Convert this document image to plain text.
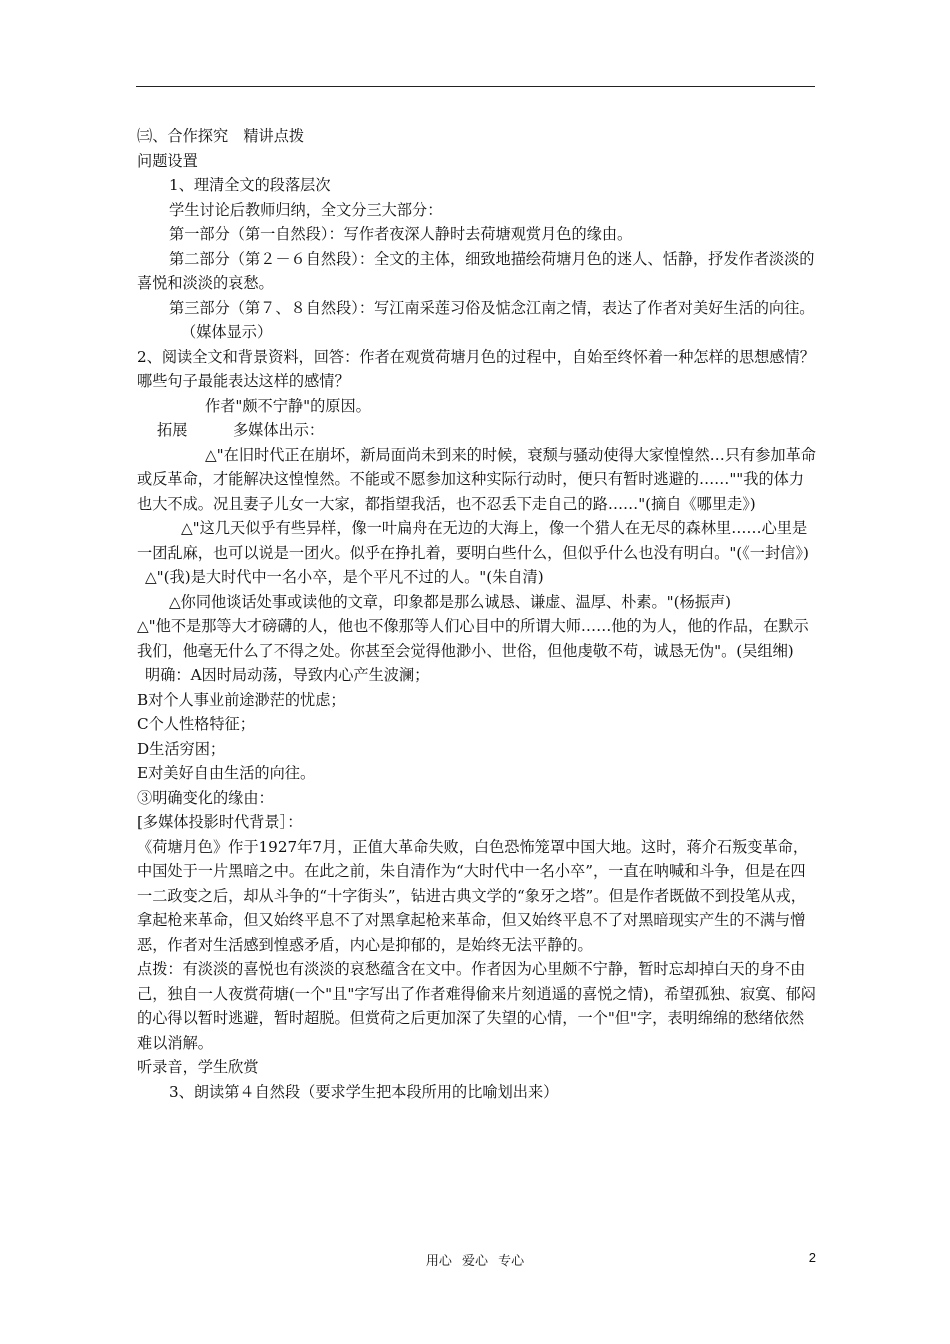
㈢、合作探究　精讲点拨

问题设置

1、理清全文的段落层次

学生讨论后教师归纳，全文分三大部分：

第一部分（第一自然段）：写作者夜深人静时去荷塘观赏月色的缘由。

第二部分（第２－６自然段）：全文的主体，细致地描绘荷塘月色的迷人、恬静，抒发作者淡淡的喜悦和淡淡的哀愁。

第三部分（第７、８自然段）：写江南采莲习俗及惦念江南之情，表达了作者对美好生活的向往。

（媒体显示）

2、阅读全文和背景资料，回答：作者在观赏荷塘月色的过程中，自始至终怀着一种怎样的思想感情？哪些句子最能表达这样的感情？

作者"颇不宁静"的原因。

拓展　　　多媒体出示：

△"在旧时代正在崩坏，新局面尚未到来的时候，衰颓与骚动使得大家惶惶然…只有参加革命或反革命，才能解决这惶惶然。不能或不愿参加这种实际行动时，便只有暂时逃避的……""我的体力也大不成。况且妻子儿女一大家，都指望我活，也不忍丢下走自己的路……"(摘自《哪里走》)

△"这几天似乎有些异样，像一叶扁舟在无边的大海上，像一个猎人在无尽的森林里……心里是一团乱麻，也可以说是一团火。似乎在挣扎着，要明白些什么，但似乎什么也没有明白。"(《一封信》)

△"(我)是大时代中一名小卒，是个平凡不过的人。"(朱自清)

△你同他谈话处事或读他的文章，印象都是那么诚恳、谦虚、温厚、朴素。"(杨振声)

△"他不是那等大才磅礴的人，他也不像那等人们心目中的所谓大师……他的为人，他的作品，在默示我们，他毫无什么了不得之处。你甚至会觉得他渺小、世俗，但他虔敬不苟，诚恳无伪"。(吴组缃)

明确：A因时局动荡，导致内心产生波澜；

B对个人事业前途渺茫的忧虑；

C个人性格特征；

D生活穷困；

E对美好自由生活的向往。

③明确变化的缘由：

[多媒体投影时代背景］：

《荷塘月色》作于1927年7月，正值大革命失败，白色恐怖笼罩中国大地。这时，蒋介石叛变革命，中国处于一片黑暗之中。在此之前，朱自清作为“大时代中一名小卒”，一直在呐喊和斗争，但是在四一二政变之后，却从斗争的“十字街头”，钻进古典文学的“象牙之塔”。但是作者既做不到投笔从戎，拿起枪来革命，但又始终平息不了对黑拿起枪来革命，但又始终平息不了对黑暗现实产生的不满与憎恶，作者对生活感到惶惑矛盾，内心是抑郁的，是始终无法平静的。

点拨：有淡淡的喜悦也有淡淡的哀愁蕴含在文中。作者因为心里颇不宁静，暂时忘却掉白天的身不由己，独自一人夜赏荷塘(一个"且"字写出了作者难得偷来片刻逍遥的喜悦之情)，希望孤独、寂寞、郁闷的心得以暂时逃避，暂时超脱。但赏荷之后更加深了失望的心情，一个"但"字，表明绵绵的愁绪依然难以消解。

听录音，学生欣赏

3、朗读第４自然段（要求学生把本段所用的比喻划出来）

用心 爱心 专心	2
